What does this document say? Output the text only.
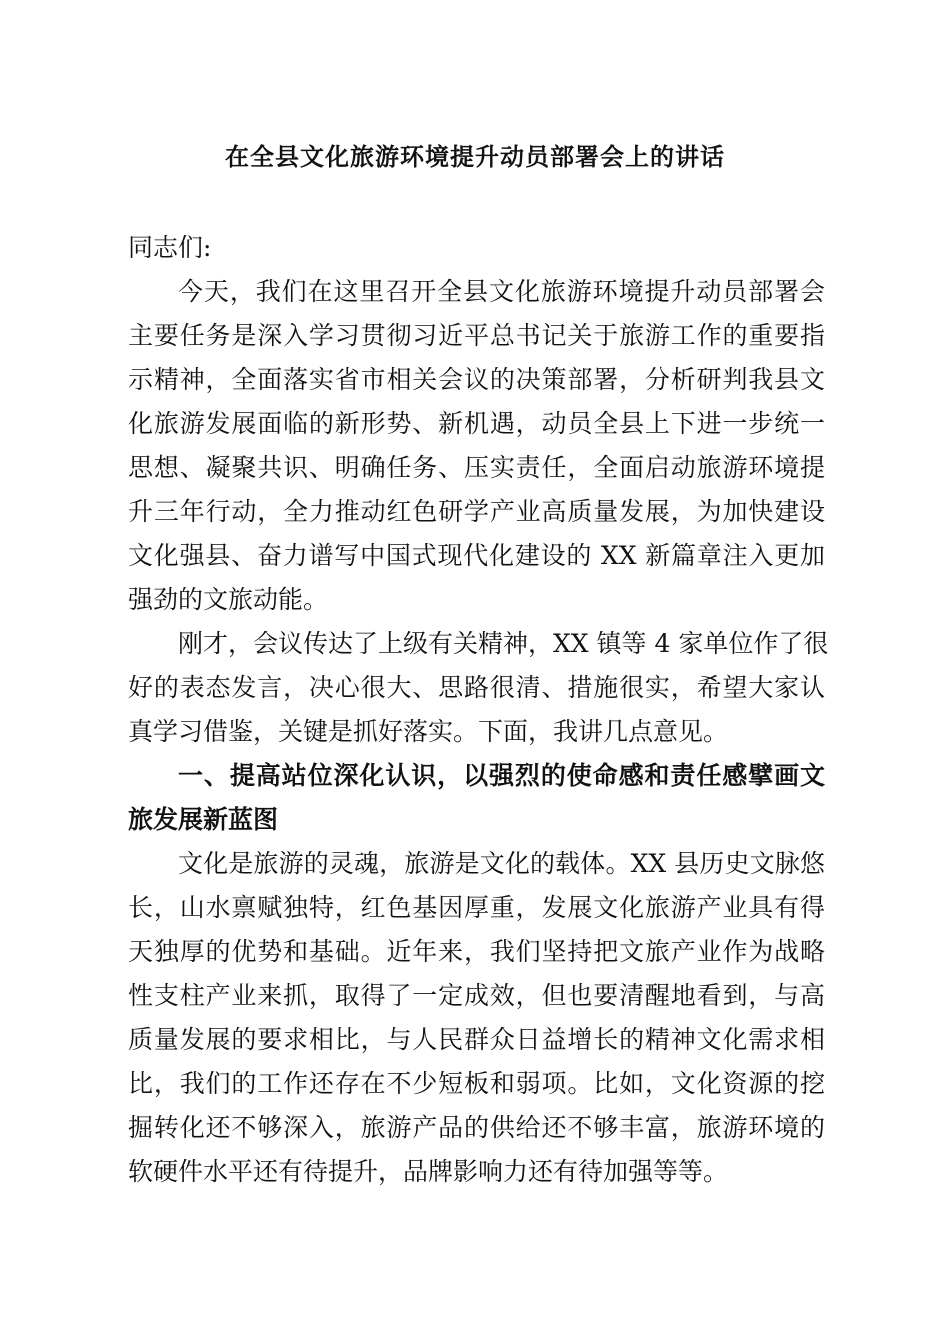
在全县文化旅游环境提升动员部署会上的讲话
同志们:
今天，我们在这里召开全县文化旅游环境提升动员部署会
主要任务是深入学习贯彻习近平总书记关于旅游工作的重要指
示精神，全面落实省市相关会议的决策部署，分析研判我县文
化旅游发展面临的新形势、新机遇，动员全县上下进一步统一
思想、凝聚共识、明确任务、压实责任，全面启动旅游环境提
升三年行动，全力推动红色研学产业高质量发展，为加快建设
文化强县、奋力谱写中国式现代化建设的 XX 新篇章注入更加
强劲的文旅动能。
刚才，会议传达了上级有关精神，XX 镇等 4 家单位作了很
好的表态发言，决心很大、思路很清、措施很实，希望大家认
真学习借鉴，关键是抓好落实。下面，我讲几点意见。
一、提高站位深化认识，以强烈的使命感和责任感擘画文
旅发展新蓝图
文化是旅游的灵魂，旅游是文化的载体。XX 县历史文脉悠
长，山水禀赋独特，红色基因厚重，发展文化旅游产业具有得
天独厚的优势和基础。近年来，我们坚持把文旅产业作为战略
性支柱产业来抓，取得了一定成效，但也要清醒地看到，与高
质量发展的要求相比，与人民群众日益增长的精神文化需求相
比，我们的工作还存在不少短板和弱项。比如，文化资源的挖
掘转化还不够深入，旅游产品的供给还不够丰富，旅游环境的
软硬件水平还有待提升，品牌影响力还有待加强等等。
